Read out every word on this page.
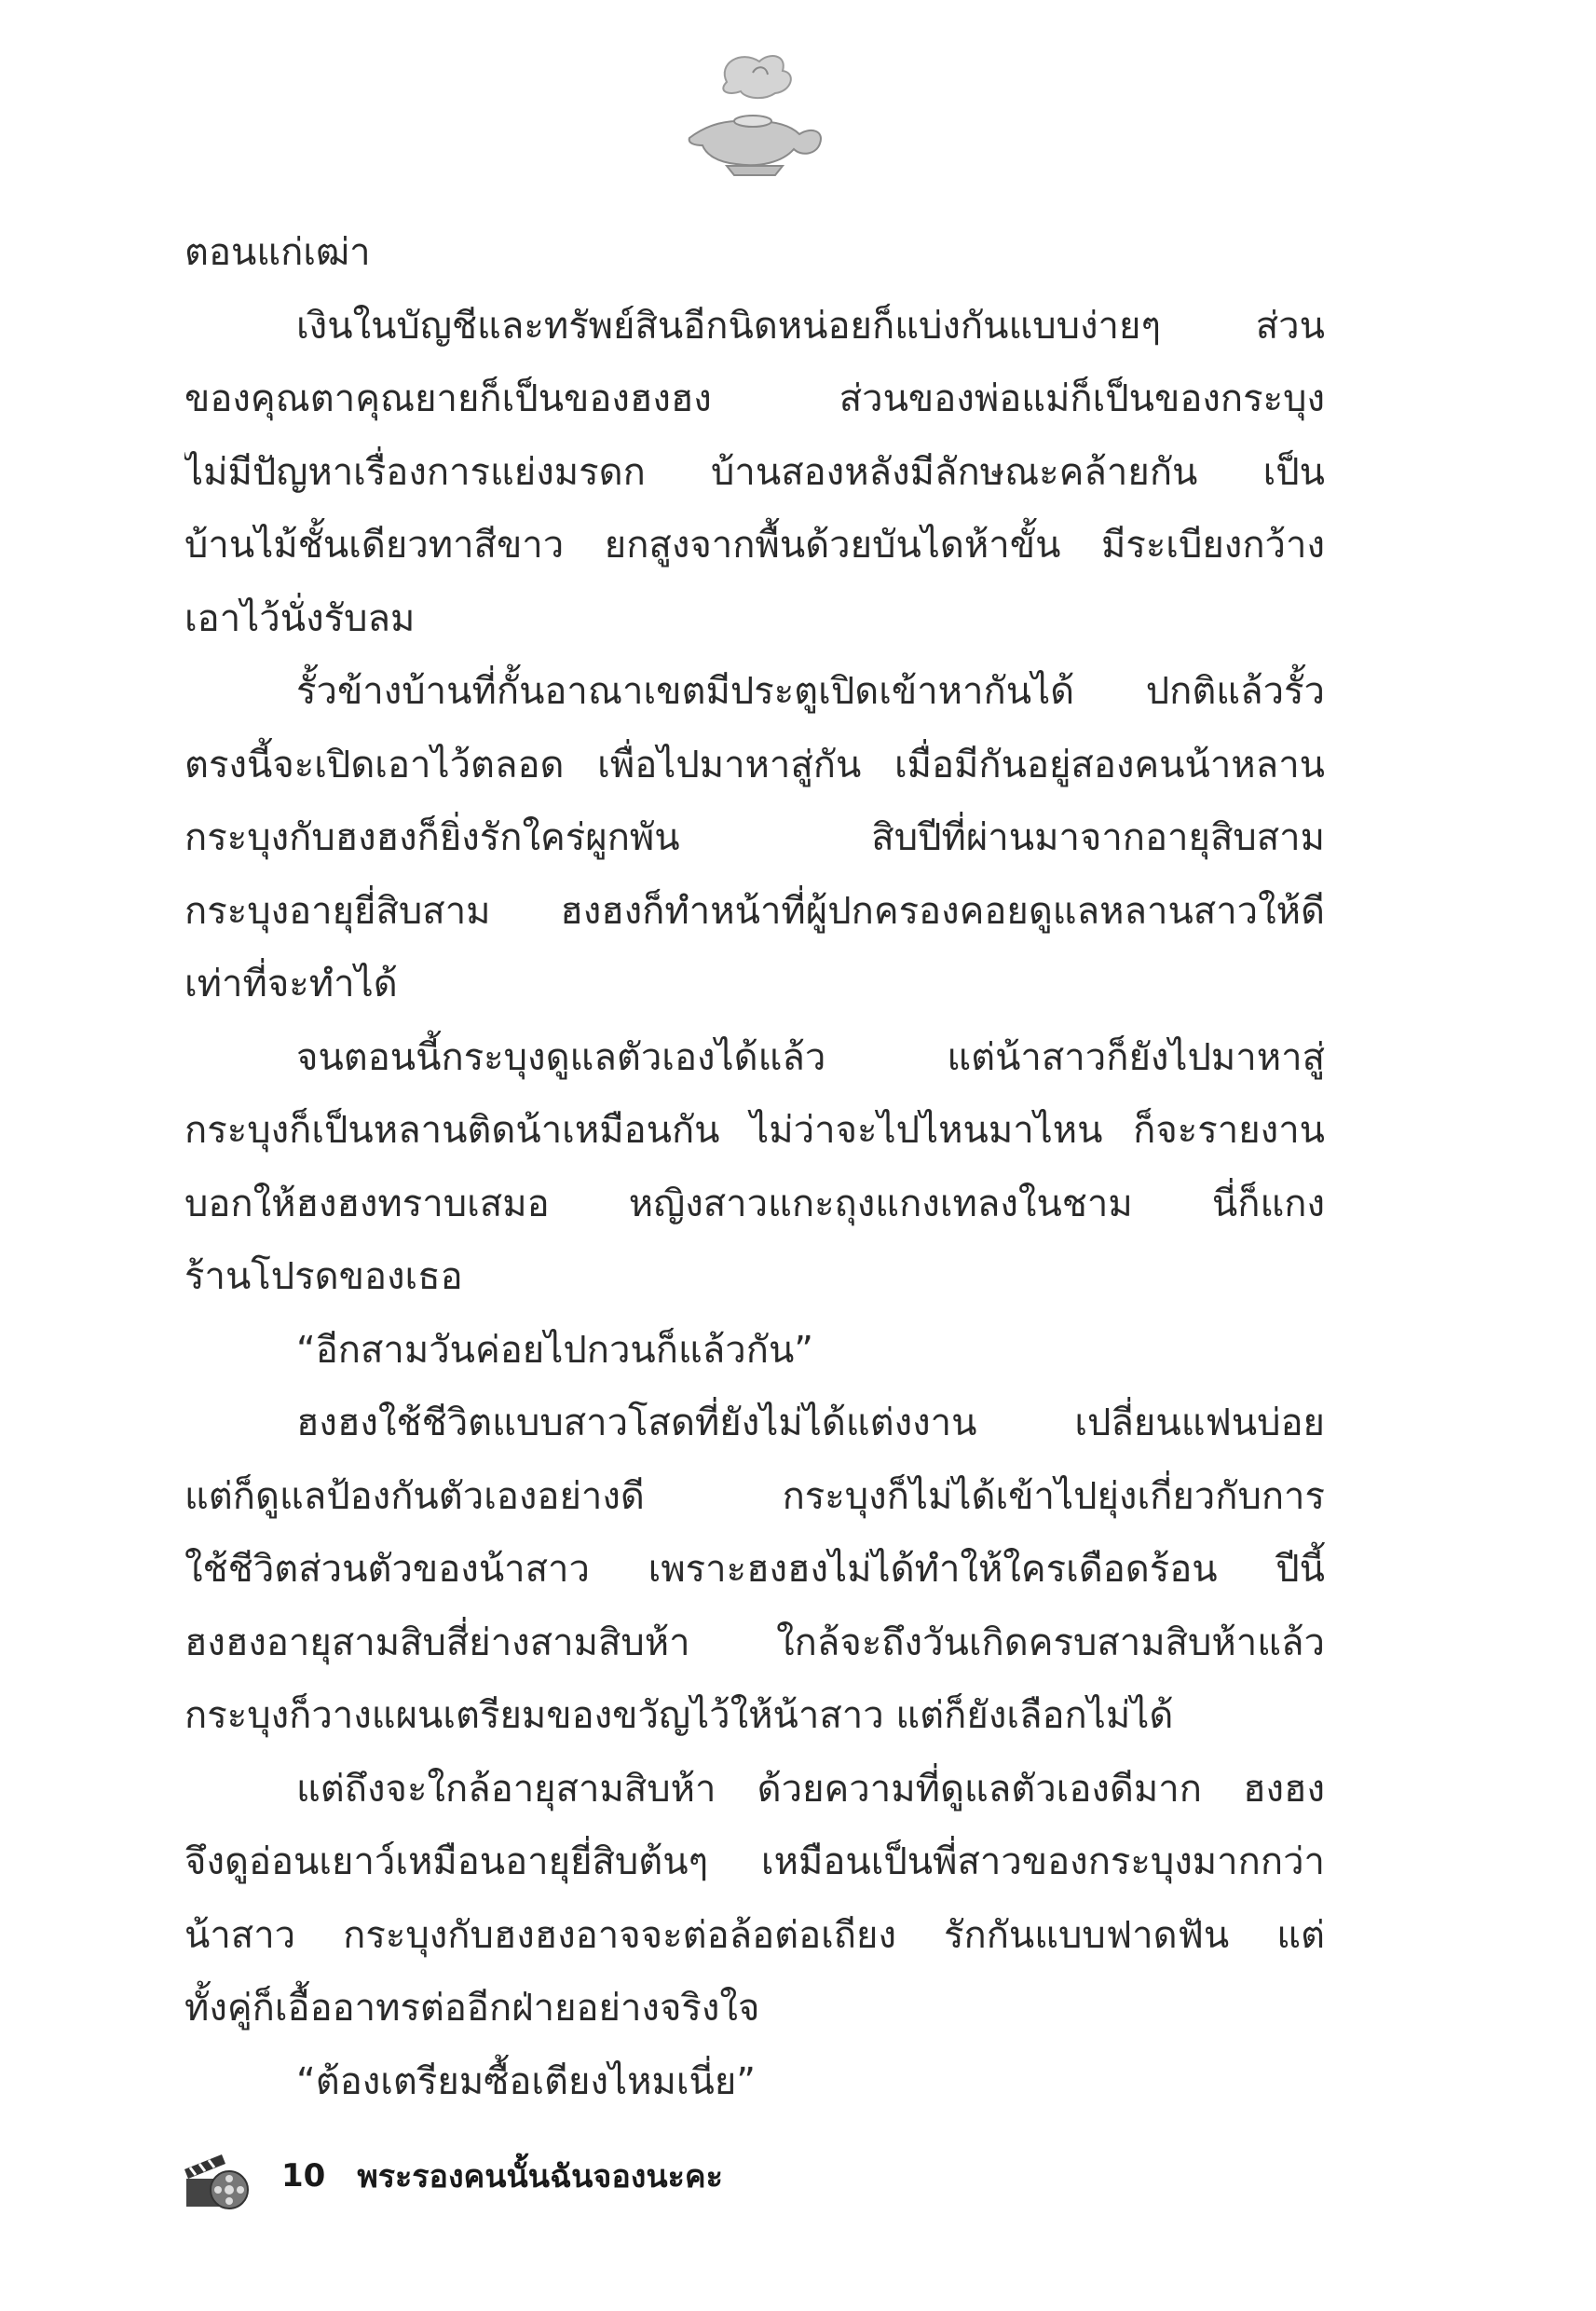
ตอนแก่เฒ่า
เงินในบัญชีและทรัพย์สินอีกนิดหน่อยก็แบ่งกันแบบง่ายๆ ส่วน
ของคุณตาคุณยายก็เป็นของฮงฮง ส่วนของพ่อแม่ก็เป็นของกระบุง
ไม่มีปัญหาเรื่องการแย่งมรดก บ้านสองหลังมีลักษณะคล้ายกัน เป็น
บ้านไม้ชั้นเดียวทาสีขาว ยกสูงจากพื้นด้วยบันไดห้าขั้น มีระเบียงกว้าง
เอาไว้นั่งรับลม
รั้วข้างบ้านที่กั้นอาณาเขตมีประตูเปิดเข้าหากันได้ ปกติแล้วรั้ว
ตรงนี้จะเปิดเอาไว้ตลอด เพื่อไปมาหาสู่กัน เมื่อมีกันอยู่สองคนน้าหลาน
กระบุงกับฮงฮงก็ยิ่งรักใคร่ผูกพัน สิบปีที่ผ่านมาจากอายุสิบสาม
กระบุงอายุยี่สิบสาม ฮงฮงก็ทำหน้าที่ผู้ปกครองคอยดูแลหลานสาวให้ดี
เท่าที่จะทำได้
จนตอนนี้กระบุงดูแลตัวเองได้แล้ว แต่น้าสาวก็ยังไปมาหาสู่
กระบุงก็เป็นหลานติดน้าเหมือนกัน ไม่ว่าจะไปไหนมาไหน ก็จะรายงาน
บอกให้ฮงฮงทราบเสมอ หญิงสาวแกะถุงแกงเทลงในชาม นี่ก็แกง
ร้านโปรดของเธอ
“อีกสามวันค่อยไปกวนก็แล้วกัน”
ฮงฮงใช้ชีวิตแบบสาวโสดที่ยังไม่ได้แต่งงาน เปลี่ยนแฟนบ่อย
แต่ก็ดูแลป้องกันตัวเองอย่างดี กระบุงก็ไม่ได้เข้าไปยุ่งเกี่ยวกับการ
ใช้ชีวิตส่วนตัวของน้าสาว เพราะฮงฮงไม่ได้ทำให้ใครเดือดร้อน ปีนี้
ฮงฮงอายุสามสิบสี่ย่างสามสิบห้า ใกล้จะถึงวันเกิดครบสามสิบห้าแล้ว
กระบุงก็วางแผนเตรียมของขวัญไว้ให้น้าสาว แต่ก็ยังเลือกไม่ได้
แต่ถึงจะใกล้อายุสามสิบห้า ด้วยความที่ดูแลตัวเองดีมาก ฮงฮง
จึงดูอ่อนเยาว์เหมือนอายุยี่สิบต้นๆ เหมือนเป็นพี่สาวของกระบุงมากกว่า
น้าสาว กระบุงกับฮงฮงอาจจะต่อล้อต่อเถียง รักกันแบบฟาดฟัน แต่
ทั้งคู่ก็เอื้ออาทรต่ออีกฝ่ายอย่างจริงใจ
“ต้องเตรียมซื้อเตียงไหมเนี่ย”
10 พระรองคนนั้นฉันจองนะคะ
